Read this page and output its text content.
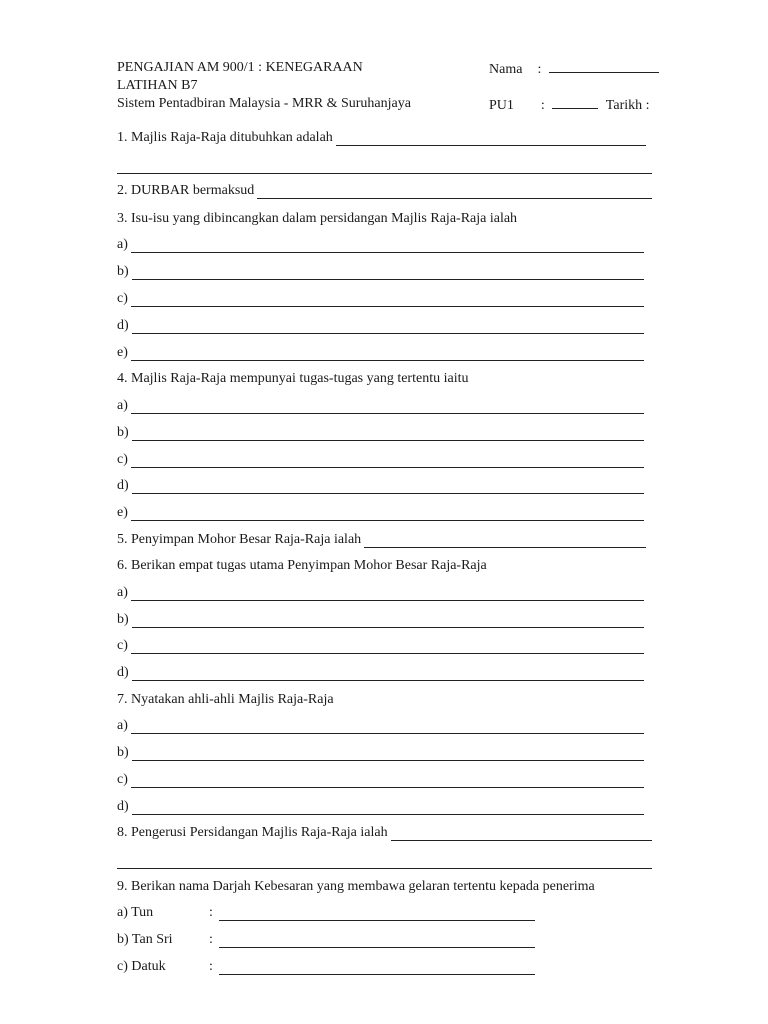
PENGAJIAN AM 900/1 : KENEGARAAN
LATIHAN B7
Sistem Pentadbiran Malaysia - MRR & Suruhanjaya
Nama :
PU1 :	Tarikh :
1. Majlis Raja-Raja ditubuhkan adalah
2. DURBAR bermaksud
3. Isu-isu yang dibincangkan dalam persidangan Majlis Raja-Raja ialah
a)
b)
c)
d)
e)
4. Majlis Raja-Raja mempunyai tugas-tugas yang tertentu iaitu
a)
b)
c)
d)
e)
5. Penyimpan Mohor Besar Raja-Raja ialah
6. Berikan empat tugas utama Penyimpan Mohor Besar Raja-Raja
a)
b)
c)
d)
7. Nyatakan ahli-ahli Majlis Raja-Raja
a)
b)
c)
d)
8. Pengerusi Persidangan Majlis Raja-Raja ialah
9. Berikan nama Darjah Kebesaran yang membawa gelaran tertentu kepada penerima
a) Tun	:
b) Tan Sri	:
c) Datuk	:
